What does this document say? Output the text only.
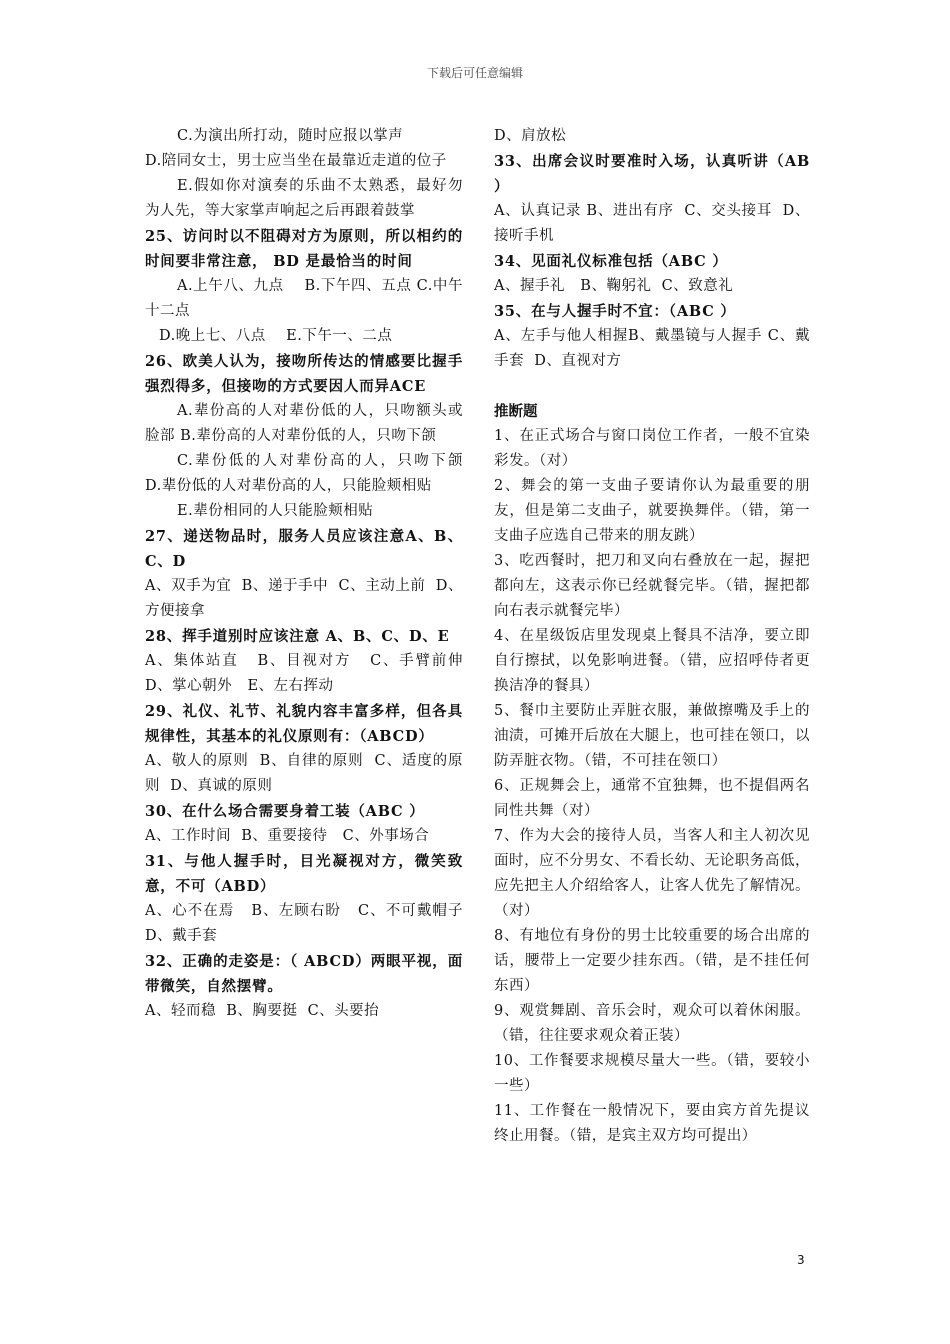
下载后可任意编辑

C.为演出所打动，随时应报以掌声

D.陪同女士，男士应当坐在最靠近走道的位子

E.假如你对演奏的乐曲不太熟悉，最好勿为人先，等大家掌声响起之后再跟着鼓掌

25、访问时以不阻碍对方为原则，所以相约的时间要非常注意， BD 是最恰当的时间

A.上午八、九点    B.下午四、五点 C.中午十二点

D.晚上七、八点    E.下午一、二点

26、欧美人认为，接吻所传达的情感要比握手强烈得多，但接吻的方式要因人而异ACE

A.辈份高的人对辈份低的人，只吻额头或脸部 B.辈份高的人对辈份低的人，只吻下颌

C.辈份低的人对辈份高的人，只吻下颌    D.辈份低的人对辈份高的人，只能脸颊相贴

E.辈份相同的人只能脸颊相贴

27、递送物品时，服务人员应该注意A、B、C、D

A、双手为宜  B、递于手中  C、主动上前  D、方便接拿

28、挥手道别时应该注意 A、B、C、D、E

A、集体站直   B、目视对方   C、手臂前伸  D、掌心朝外   E、左右挥动

29、礼仪、礼节、礼貌内容丰富多样，但各具规律性，其基本的礼仪原则有：（ABCD）

A、敬人的原则  B、自律的原则  C、适度的原则  D、真诚的原则

30、在什么场合需要身着工装（ABC ）

A、工作时间  B、重要接待   C、外事场合

31、与他人握手时，目光凝视对方，微笑致意，不可（ABD）

A、心不在焉   B、左顾右盼   C、不可戴帽子 D、戴手套

32、正确的走姿是：（ ABCD）两眼平视，面带微笑，自然摆臂。

A、轻而稳  B、胸要挺  C、头要抬

D、肩放松

33、出席会议时要准时入场，认真听讲（AB ）

A、认真记录 B、进出有序  C、交头接耳  D、接听手机

34、见面礼仪标准包括（ABC ）

A、握手礼   B、鞠躬礼  C、致意礼

35、在与人握手时不宜：（ABC ）

A、左手与他人相握B、戴墨镜与人握手 C、戴手套  D、直视对方

推断题

1、在正式场合与窗口岗位工作者，一般不宜染彩发。（对）

2、舞会的第一支曲子要请你认为最重要的朋友，但是第二支曲子，就要换舞伴。（错，第一支曲子应选自己带来的朋友跳）

3、吃西餐时，把刀和叉向右叠放在一起，握把都向左，这表示你已经就餐完毕。（错，握把都向右表示就餐完毕）

4、在星级饭店里发现桌上餐具不洁净，要立即自行擦拭，以免影响进餐。（错，应招呼侍者更换洁净的餐具）

5、餐巾主要防止弄脏衣服，兼做擦嘴及手上的油渍，可摊开后放在大腿上，也可挂在领口，以防弄脏衣物。（错，不可挂在领口）

6、正规舞会上，通常不宜独舞，也不提倡两名同性共舞（对）

7、作为大会的接待人员，当客人和主人初次见面时，应不分男女、不看长幼、无论职务高低，应先把主人介绍给客人，让客人优先了解情况。（对）

8、有地位有身份的男士比较重要的场合出席的话，腰带上一定要少挂东西。（错，是不挂任何东西）

9、观赏舞剧、音乐会时，观众可以着休闲服。（错，往往要求观众着正装）

10、工作餐要求规模尽量大一些。（错，要较小一些）

11、工作餐在一般情况下，要由宾方首先提议终止用餐。（错，是宾主双方均可提出）

3
